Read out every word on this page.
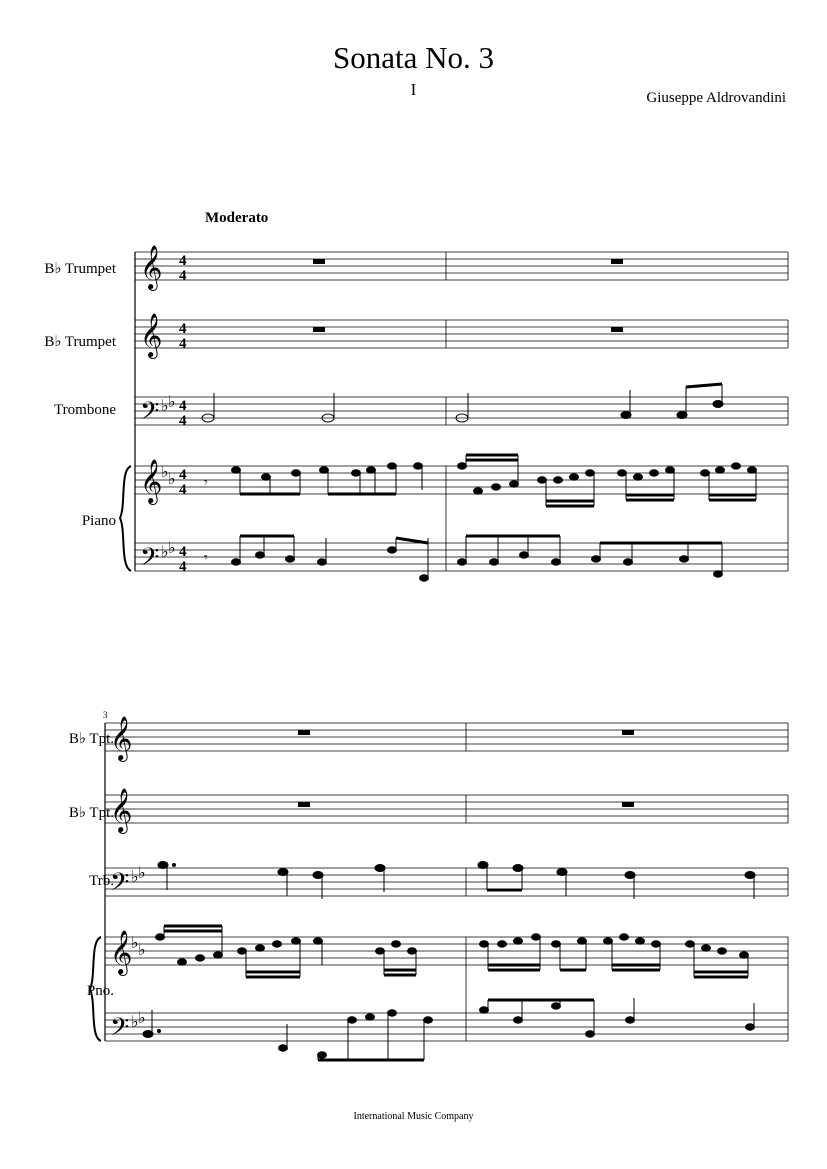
Sonata No. 3
I	Giuseppe Aldrovandini
Moderato
B♭ Trumpet
B♭ Trumpet
Trombone
Piano
3
B♭ Tpt.
B♭ Tpt.
Trb.
Pno.
International Music Company
𝄞
𝄞
𝄢
𝄞
𝄢
♭ ♭
♭ ♭
♭ ♭
4
4
4
4
4
4
4
4
4
4
𝄾
𝄾
𝄞
𝄞
𝄢
𝄞
𝄢
♭ ♭
♭ ♭
♭ ♭
